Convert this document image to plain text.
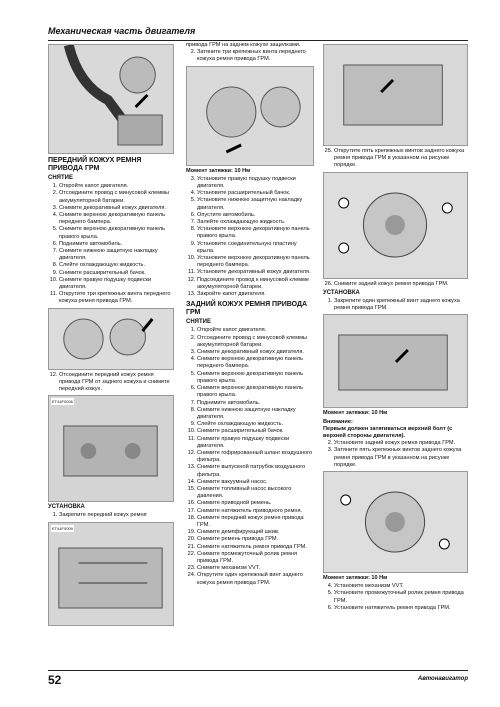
Механическая часть двигателя
ПЕРЕДНИЙ КОЖУХ РЕМНЯ ПРИВОДА ГРМ
СНЯТИЕ
1. Откройте капот двигателя.
2. Отсоедините провод с минусовой клеммы аккумуляторной батареи.
3. Снимите декоративный кожух двигателя.
4. Снимите верхнюю декоративную панель переднего бампера.
5. Снимите верхнюю декоративную панель правого крыла.
6. Поднимите автомобиль.
7. Снимите нижнюю защитную накладку двигателя.
8. Слейте охлаждающую жидкость.
9. Снимите расширительный бачок.
10. Снимите правую подушку подвески двигателя.
11. Открутите три крепежных винта переднего кожуха ремня привода ГРМ.
12. Отсоедините передний кожух ремня привода ГРМ от заднего кожуха и снимите передний кожух.
ET44F0006
УСТАНОВКА
1. Закрепите передний кожух ремня
ET44F0009

привода ГРМ на заднем кожухе защелками.

2. Затяните три крепежных винта переднего кожуха ремня привода ГРМ.
Момент затяжки: 10 Нм
3. Установите правую подушку подвески двигателя.
4. Установите расширительный бачок.
5. Установите нижнюю защитную накладку двигателя.
6. Опустите автомобиль.
7. Залейте охлаждающую жидкость.
8. Установите верхнюю декоративную панель правого крыла.
9. Установите соединительную пластину крыла.
10. Установите верхнюю декоративную панель переднего бампера.
11. Установите декоративный кожух двигателя.
12. Подсоедините провод к минусовой клемме аккумуляторной батареи.
13. Закройте капот двигателя.
ЗАДНИЙ КОЖУХ РЕМНЯ ПРИВОДА ГРМ
СНЯТИЕ
1. Откройте капот двигателя.
2. Отсоедините провод с минусовой клеммы аккумуляторной батареи.
3. Снимите декоративный кожух двигателя.
4. Снимите верхнюю декоративную панель переднего бампера.
5. Снимите верхнюю декоративную панель правого крыла.
6. Снимите верхнюю декоративную панель правого крыла.
7. Поднимите автомобиль.
8. Снимите нижнюю защитную накладку двигателя.
9. Слейте охлаждающую жидкость.
10. Снимите расширительный бачок.
11. Снимите правую подушку подвески двигателя.
12. Снимите гофрированный шланг воздушного фильтра.
13. Снимите выпускной патрубок воздушного фильтра.
14. Снимите вакуумный насос.
15. Снимите топливный насос высокого давления.
16. Снимите приводной ремень.
17. Снимите натяжитель приводного ремня.
18. Снимите передний кожух ремня привода ГРМ.
19. Снимите демпфирующий шкив.
20. Снимите ремень привода ГРМ.
21. Снимите натяжитель ремня привода ГРМ.
22. Снимите промежуточный ролик ремня привода ГРМ.
23. Снимите механизм VVT.
24. Открутите один крепежный винт заднего кожуха ремня привода ГРМ.
25. Открутите пять крепежных винтов заднего кожуха ремня привода ГРМ в указанном на рисунке порядке.
26. Снимите задний кожух ремня привода ГРМ.
УСТАНОВКА
1. Закрепите один крепежный винт заднего кожуха ремня привода ГРМ.
Момент затяжки: 10 Нм
Внимание:
Первым должен затягиваться верхний болт (с верхней стороны двигателя).
2. Установите задний кожух ремня привода ГРМ.
3. Затяните пять крепежных винтов заднего кожуха ремня привода ГРМ в указанном на рисунке порядке.
Момент затяжки: 10 Нм
4. Установите механизм VVT.
5. Установите промежуточный ролик ремня привода ГРМ.
6. Установите натяжитель ремня привода ГРМ.
52	Автонавигатор
